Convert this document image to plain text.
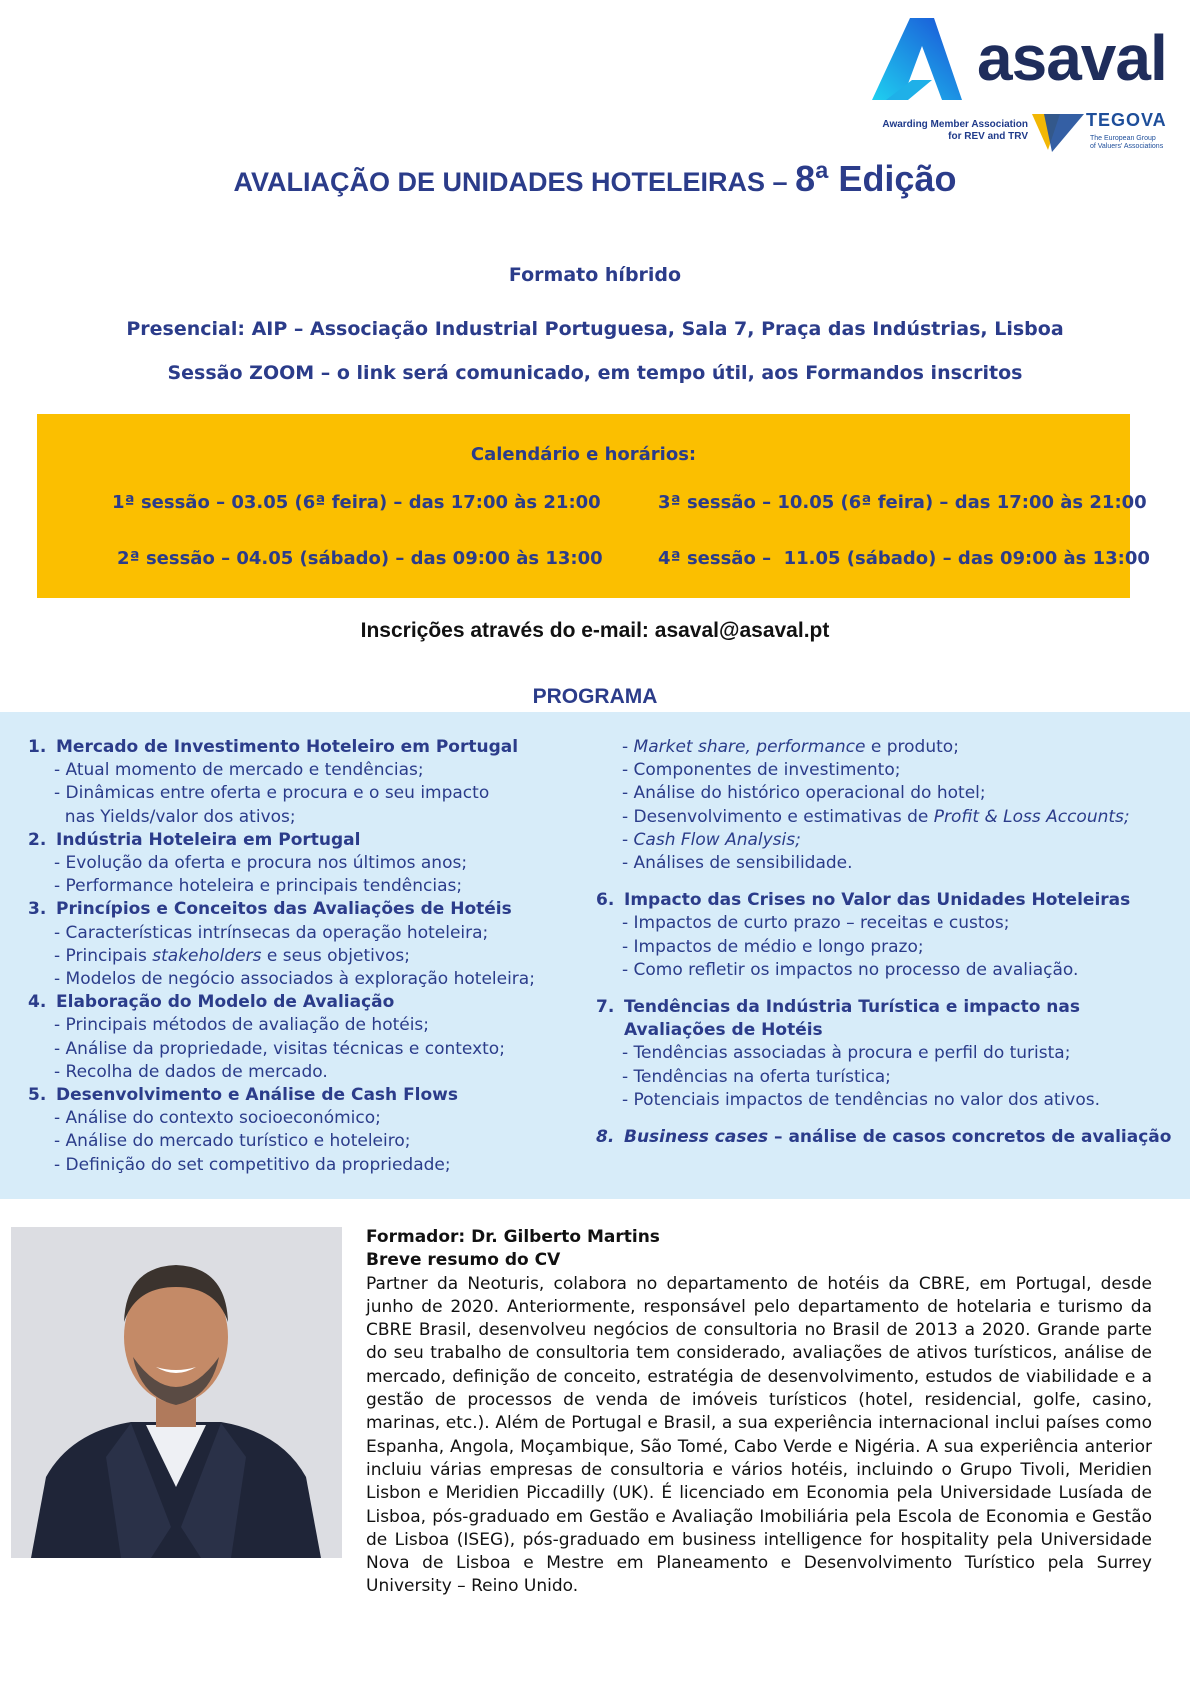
asaval
Awarding Member Association
for REV and TRV
TEGOVA
The European Group
of Valuers' Associations
AVALIAÇÃO DE UNIDADES HOTELEIRAS – 8ª Edição
Formato híbrido
Presencial: AIP – Associação Industrial Portuguesa, Sala 7, Praça das Indústrias, Lisboa
Sessão ZOOM – o link será comunicado, em tempo útil, aos Formandos inscritos
Calendário e horários:
1ª sessão – 03.05 (6ª feira) – das 17:00 às 21:00
2ª sessão – 04.05 (sábado) – das 09:00 às 13:00
3ª sessão – 10.05 (6ª feira) – das 17:00 às 21:00
4ª sessão –  11.05 (sábado) – das 09:00 às 13:00
Inscrições através do e-mail: asaval@asaval.pt
PROGRAMA
1. Mercado de Investimento Hoteleiro em Portugal
- Atual momento de mercado e tendências;
- Dinâmicas entre oferta e procura e o seu impacto
nas Yields/valor dos ativos;
2. Indústria Hoteleira em Portugal
- Evolução da oferta e procura nos últimos anos;
- Performance hoteleira e principais tendências;
3. Princípios e Conceitos das Avaliações de Hotéis
- Características intrínsecas da operação hoteleira;
- Principais stakeholders e seus objetivos;
- Modelos de negócio associados à exploração hoteleira;
4. Elaboração do Modelo de Avaliação
- Principais métodos de avaliação de hotéis;
- Análise da propriedade, visitas técnicas e contexto;
- Recolha de dados de mercado.
5. Desenvolvimento e Análise de Cash Flows
- Análise do contexto socioeconómico;
- Análise do mercado turístico e hoteleiro;
- Definição do set competitivo da propriedade;
- Market share, performance e produto;
- Componentes de investimento;
- Análise do histórico operacional do hotel;
- Desenvolvimento e estimativas de Profit & Loss Accounts;
- Cash Flow Analysis;
- Análises de sensibilidade.
6. Impacto das Crises no Valor das Unidades Hoteleiras
- Impactos de curto prazo – receitas e custos;
- Impactos de médio e longo prazo;
- Como refletir os impactos no processo de avaliação.
7. Tendências da Indústria Turística e impacto nas
Avaliações de Hotéis
- Tendências associadas à procura e perfil do turista;
- Tendências na oferta turística;
- Potenciais impactos de tendências no valor dos ativos.
8. Business cases – análise de casos concretos de avaliação
Formador: Dr. Gilberto Martins
Breve resumo do CV
Partner da Neoturis, colabora no departamento de hotéis da CBRE, em Portugal, desde junho de 2020. Anteriormente, responsável pelo departamento de hotelaria e turismo da CBRE Brasil, desenvolveu negócios de consultoria no Brasil de 2013 a 2020. Grande parte do seu trabalho de consultoria tem considerado, avaliações de ativos turísticos, análise de mercado, definição de conceito, estratégia de desenvolvimento, estudos de viabilidade e a gestão de processos de venda de imóveis turísticos (hotel, residencial, golfe, casino, marinas, etc.). Além de Portugal e Brasil, a sua experiência internacional inclui países como Espanha, Angola, Moçambique, São Tomé, Cabo Verde e Nigéria. A sua experiência anterior incluiu várias empresas de consultoria e vários hotéis, incluindo o Grupo Tivoli, Meridien Lisbon e Meridien Piccadilly (UK). É licenciado em Economia pela Universidade Lusíada de Lisboa, pós-graduado em Gestão e Avaliação Imobiliária pela Escola de Economia e Gestão de Lisboa (ISEG), pós-graduado em business intelligence for hospitality pela Universidade Nova de Lisboa e Mestre em Planeamento e Desenvolvimento Turístico pela Surrey University – Reino Unido.
